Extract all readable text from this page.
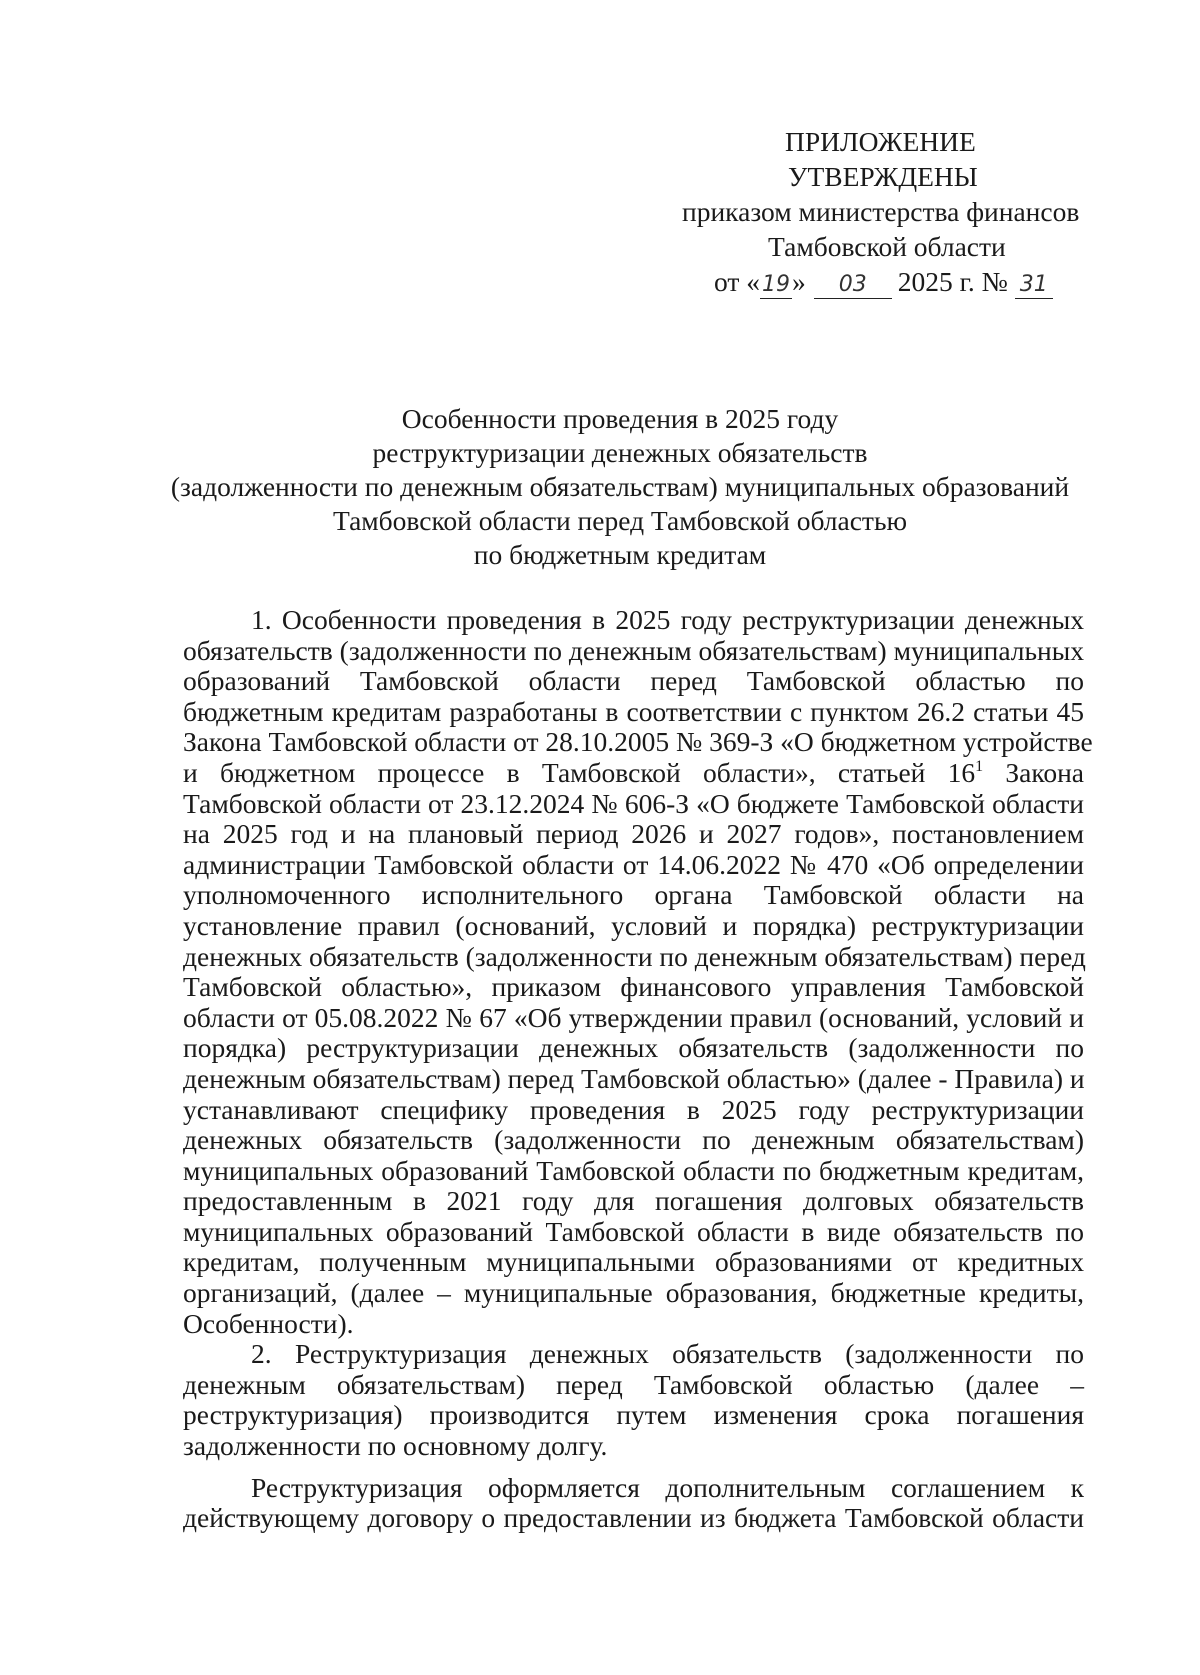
ПРИЛОЖЕНИЕ
УТВЕРЖДЕНЫ
приказом министерства финансов
Тамбовской области
от «19» 03 2025 г. № 31
Особенности проведения в 2025 году
реструктуризации денежных обязательств
(задолженности по денежным обязательствам) муниципальных образований
Тамбовской области перед Тамбовской областью
по бюджетным кредитам
1. Особенности проведения в 2025 году реструктуризации денежных
обязательств (задолженности по денежным обязательствам) муниципальных
образований Тамбовской области перед Тамбовской областью по
бюджетным кредитам разработаны в соответствии с пунктом 26.2 статьи 45
Закона Тамбовской области от 28.10.2005 № 369-З «О бюджетном устройстве
и бюджетном процессе в Тамбовской области», статьей $16^1$ Закона
Тамбовской области от 23.12.2024 № 606-З «О бюджете Тамбовской области
на 2025 год и на плановый период 2026 и 2027 годов», постановлением
администрации Тамбовской области от 14.06.2022 № 470 «Об определении
уполномоченного исполнительного органа Тамбовской области на
установление правил (оснований, условий и порядка) реструктуризации
денежных обязательств (задолженности по денежным обязательствам) перед
Тамбовской областью», приказом финансового управления Тамбовской
области от 05.08.2022 № 67 «Об утверждении правил (оснований, условий и
порядка) реструктуризации денежных обязательств (задолженности по
денежным обязательствам) перед Тамбовской областью» (далее - Правила) и
устанавливают специфику проведения в 2025 году реструктуризации
денежных обязательств (задолженности по денежным обязательствам)
муниципальных образований Тамбовской области по бюджетным кредитам,
предоставленным в 2021 году для погашения долговых обязательств
муниципальных образований Тамбовской области в виде обязательств по
кредитам, полученным муниципальными образованиями от кредитных
организаций, (далее – муниципальные образования, бюджетные кредиты,
Особенности).
2. Реструктуризация денежных обязательств (задолженности по
денежным обязательствам) перед Тамбовской областью (далее –
реструктуризация) производится путем изменения срока погашения
задолженности по основному долгу.
Реструктуризация оформляется дополнительным соглашением к
действующему договору о предоставлении из бюджета Тамбовской области
